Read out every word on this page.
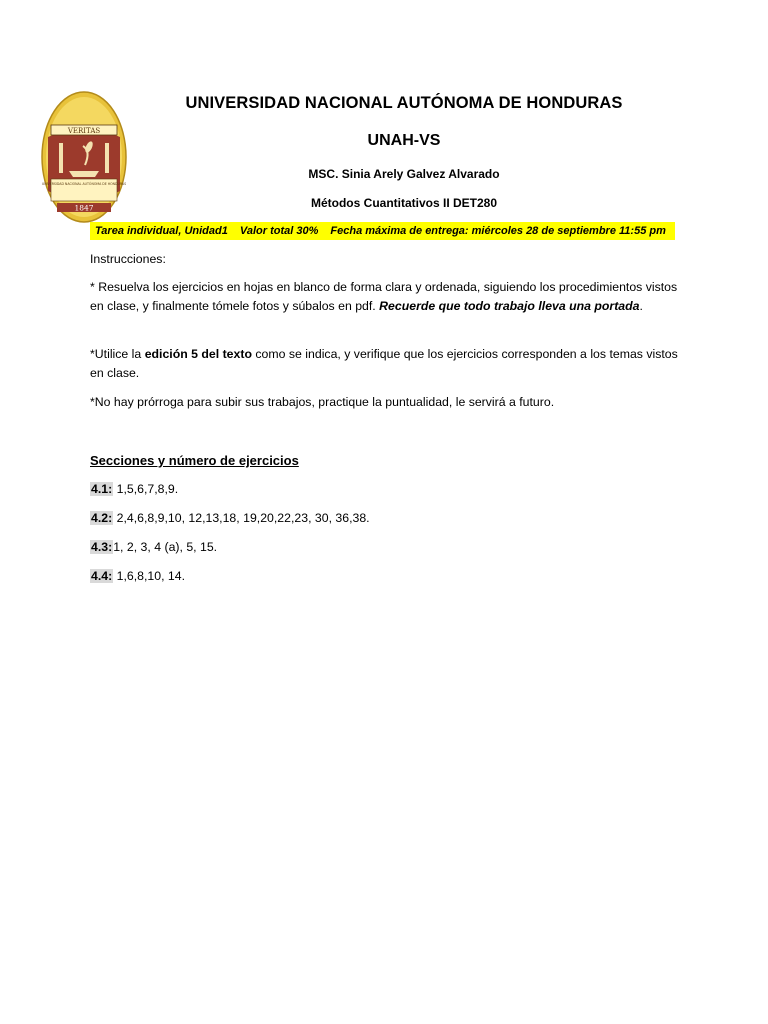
VERITAS
UNIVERSIDAD NACIONAL AUTÓNOMA DE HONDURAS
1847
UNIVERSIDAD NACIONAL AUTÓNOMA DE HONDURAS
UNAH-VS
MSC. Sinia Arely Galvez Alvarado
Métodos Cuantitativos II DET280
Tarea individual, Unidad1 Valor total 30% Fecha máxima de entrega: miércoles 28 de septiembre 11:55 pm
Instrucciones:
* Resuelva los ejercicios en hojas en blanco de forma clara y ordenada, siguiendo los procedimientos vistos en clase, y finalmente tómele fotos y súbalos en pdf. Recuerde que todo trabajo lleva una portada.
*Utilice la edición 5 del texto como se indica, y verifique que los ejercicios corresponden a los temas vistos en clase.
*No hay prórroga para subir sus trabajos, practique la puntualidad, le servirá a futuro.
Secciones y número de ejercicios
4.1: 1,5,6,7,8,9.
4.2: 2,4,6,8,9,10, 12,13,18, 19,20,22,23, 30, 36,38.
4.3:1, 2, 3, 4 (a), 5, 15.
4.4: 1,6,8,10, 14.
